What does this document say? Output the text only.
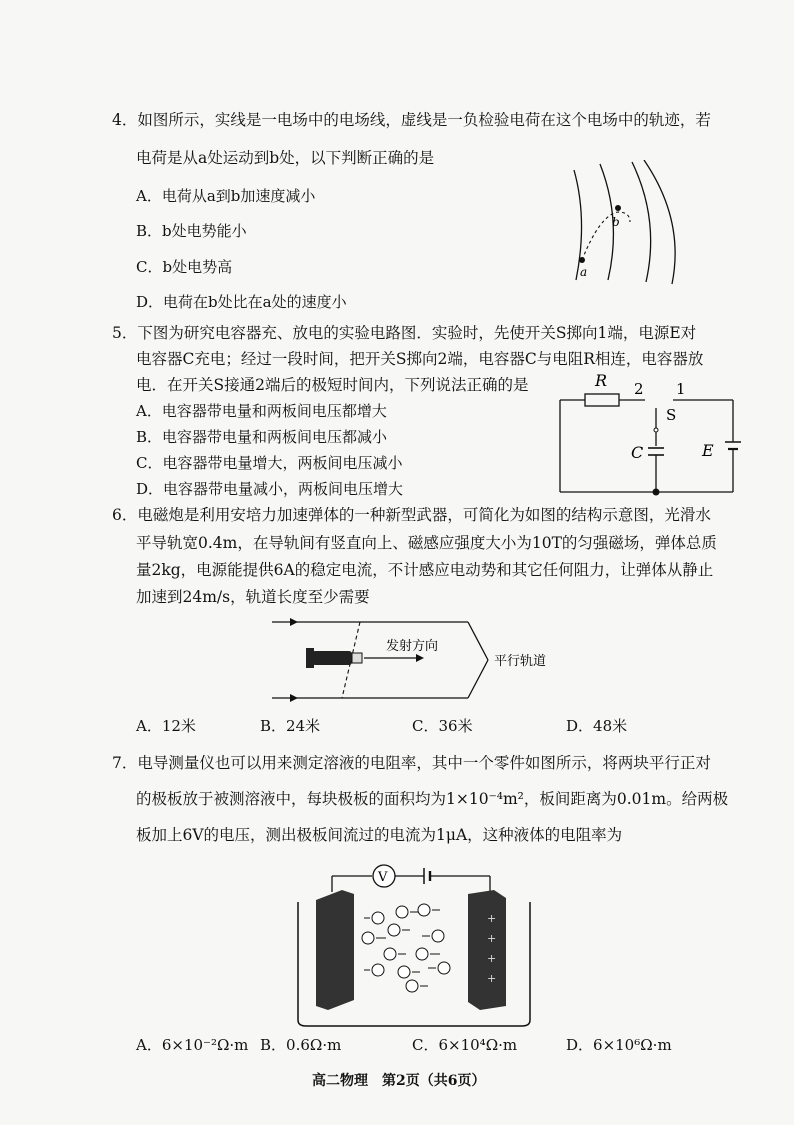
4．如图所示，实线是一电场中的电场线，虚线是一负检验电荷在这个电场中的轨迹，若
电荷是从a处运动到b处，以下判断正确的是
A．电荷从a到b加速度减小
B．b处电势能小
C．b处电势高
D．电荷在b处比在a处的速度小
a
b
5．下图为研究电容器充、放电的实验电路图．实验时，先使开关S掷向1端，电源E对
电容器C充电；经过一段时间，把开关S掷向2端，电容器C与电阻R相连，电容器放
电．在开关S接通2端后的极短时间内，下列说法正确的是
A．电容器带电量和两板间电压都增大
B．电容器带电量和两板间电压都减小
C．电容器带电量增大，两板间电压减小
D．电容器带电量减小，两板间电压增大
R 2 1
S
C	E
6．电磁炮是利用安培力加速弹体的一种新型武器，可简化为如图的结构示意图，光滑水
平导轨宽0.4m，在导轨间有竖直向上、磁感应强度大小为10T的匀强磁场，弹体总质
量2kg，电源能提供6A的稳定电流，不计感应电动势和其它任何阻力，让弹体从静止
加速到24m/s，轨道长度至少需要
发射方向
平行轨道
A．12米	B．24米	C．36米	D．48米
7．电导测量仪也可以用来测定溶液的电阻率，其中一个零件如图所示，将两块平行正对
的极板放于被测溶液中，每块极板的面积均为1×10⁻⁴m²，板间距离为0.01m。给两极
板加上6V的电压，测出极板间流过的电流为1μA，这种液体的电阻率为
V
+
+
+
+
A．6×10⁻²Ω·m B．0.6Ω·m	C．6×10⁴Ω·m	D．6×10⁶Ω·m
高二物理　第2页（共6页）
